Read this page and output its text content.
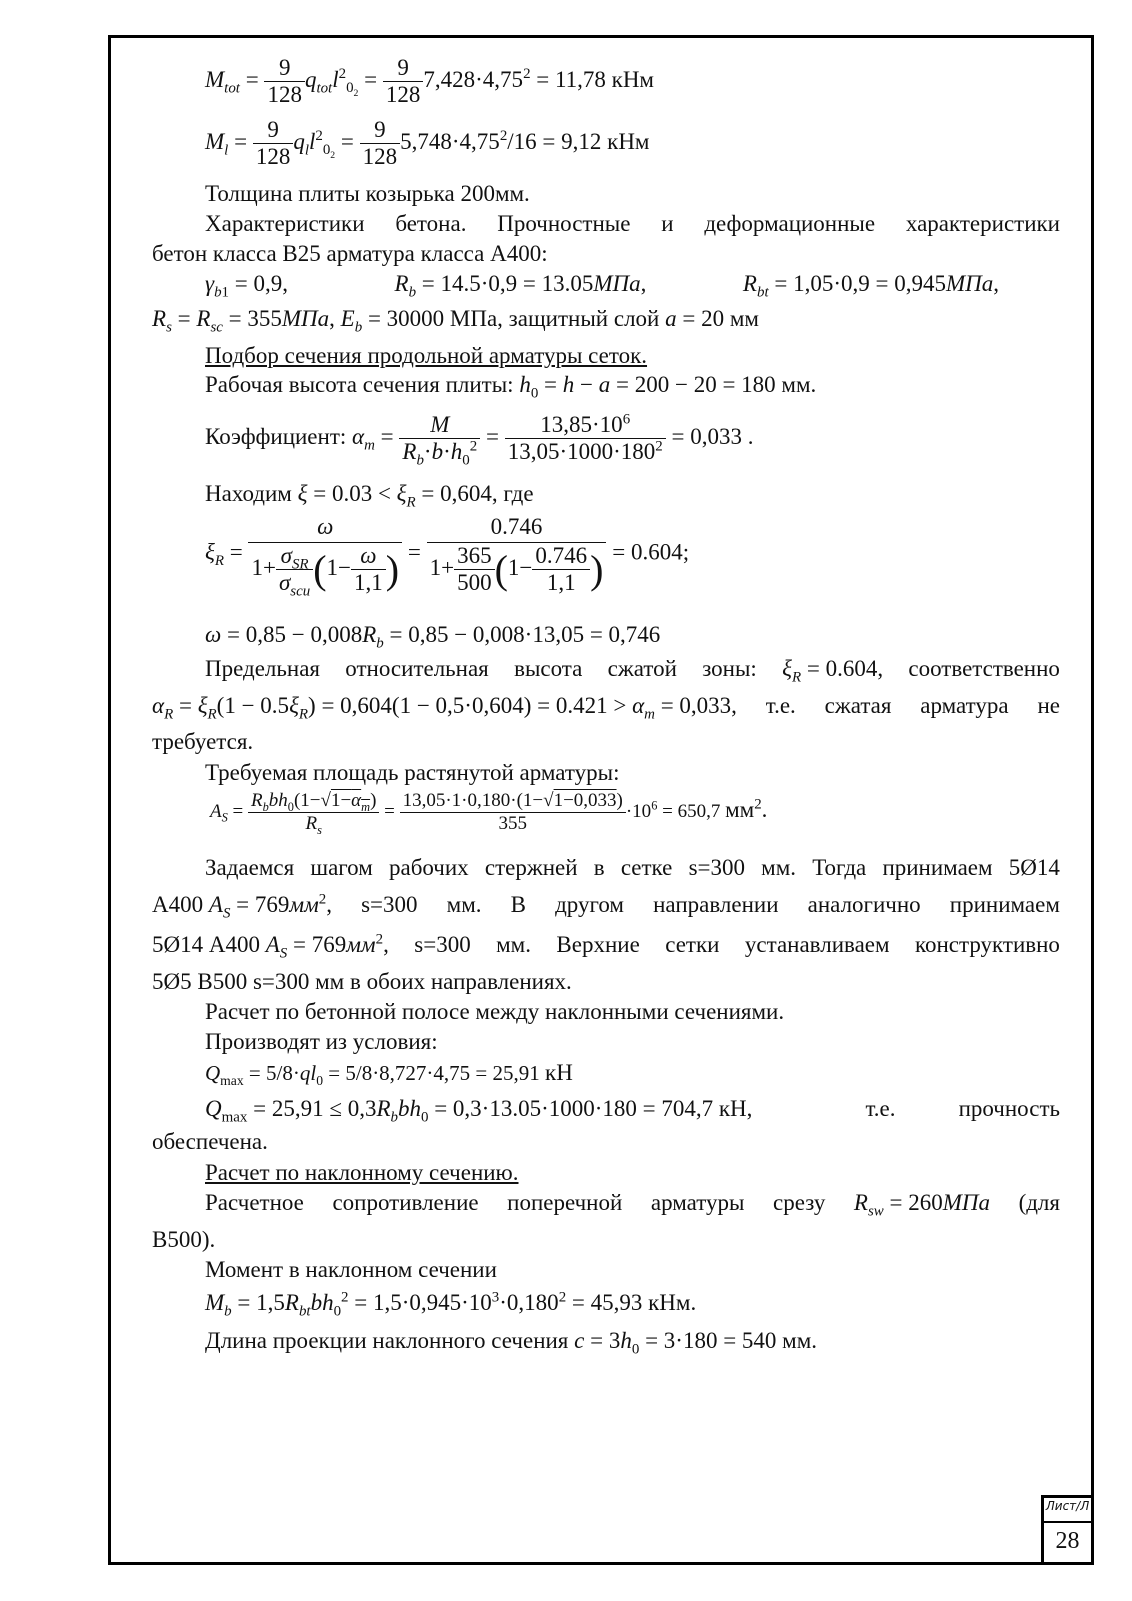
Лист/Л
28
$M_{tot} = \frac{9}{128} q_{tot}l^2_{0_2} = \frac{9}{128} 7,428\cdot 4,75^2 = 11,78$ кНм
$M_l = \frac{9}{128} q_ll^2_{0_2} = \frac{9}{128} 5,748\cdot 4,75^2/16 = 9,12$ кНм
Толщина плиты козырька 200мм.
Характеристики бетона. Прочностные и деформационные характеристики
бетон класса В25 арматура класса А400:
$\gamma_{b1} = 0,9$,	$R_b = 14.5\cdot 0,9 = 13.05МПа$,	$R_{bt} = 1,05\cdot 0,9 = 0,945МПа$,
$R_s = R_{sc} = 355МПа$, $E_b = 30000$ МПа, защитный слой a = 20 мм
Подбор сечения продольной арматуры сеток.
Рабочая высота сечения плиты: $h_0 = h - a = 200 - 20 = 180$ мм.
Коэффициент: $\alpha_m = \frac{M}{R_b\cdot b\cdot h_0^2} = \frac{13,85\cdot 10^6}{13,05\cdot 1000\cdot 180^2} = 0,033$ .
Находим $\xi = 0.03 < \xi_R = 0,604$, где
$\xi_R = \frac{\omega}{1+ \frac{\sigma_{SR}}{\sigma_{scu}} (1- \frac{\omega}{1,1} )} = \frac{0.746}{1+ \frac{365}{500} (1- \frac{0.746}{1,1} )} = 0.604$;
$\omega = 0,85 - 0,008R_b = 0,85 - 0,008\cdot 13,05 = 0,746$
Предельная относительная высота сжатой зоны: $\xi_R = 0.604$, соответственно
$\alpha_R = \xi_R(1 - 0.5\xi_R) = 0,604(1 - 0,5\cdot 0,604) = 0.421 > \alpha_m = 0,033$, т.е. сжатая арматура не
требуется.
Требуемая площадь растянутой арматуры:
$A_S = \frac{R_bbh_0(1-√1-\alpha_m)}{R_s} = \frac{13,05\cdot 1\cdot 0,180\cdot(1-√1-0,033)}{355} \cdot 10^6 = 650,7$ $мм^2$.
Задаемся шагом рабочих стержней в сетке s=300 мм. Тогда принимаем 5Ø14
А400 $A_S = 769мм^2$, s=300 мм. В другом направлении аналогично принимаем
5Ø14 А400 $A_S = 769мм^2$, s=300 мм. Верхние сетки устанавливаем конструктивно
5Ø5 В500 s=300 мм в обоих направлениях.
Расчет по бетонной полосе между наклонными сечениями.
Производят из условия:
$Q_{max} = 5/8\cdot ql_0 = 5/8\cdot 8,727\cdot 4,75 = 25,91$ кН
$Q_{max} = 25,91 \le 0,3R_bbh_0 = 0,3\cdot 13.05\cdot 1000\cdot 180 = 704,7$ кН,	т.е.	прочность
обеспечена.
Расчет по наклонному сечению.
Расчетное сопротивление поперечной арматуры срезу $R_{sw} = 260МПа$ (для
В500).
Момент в наклонном сечении
$M_b = 1,5R_{bt}bh_0^2 = 1,5\cdot 0,945\cdot 10^3\cdot 0,180^2 = 45,93$ кНм.
Длина проекции наклонного сечения $c = 3h_0 = 3\cdot 180 = 540$ мм.
